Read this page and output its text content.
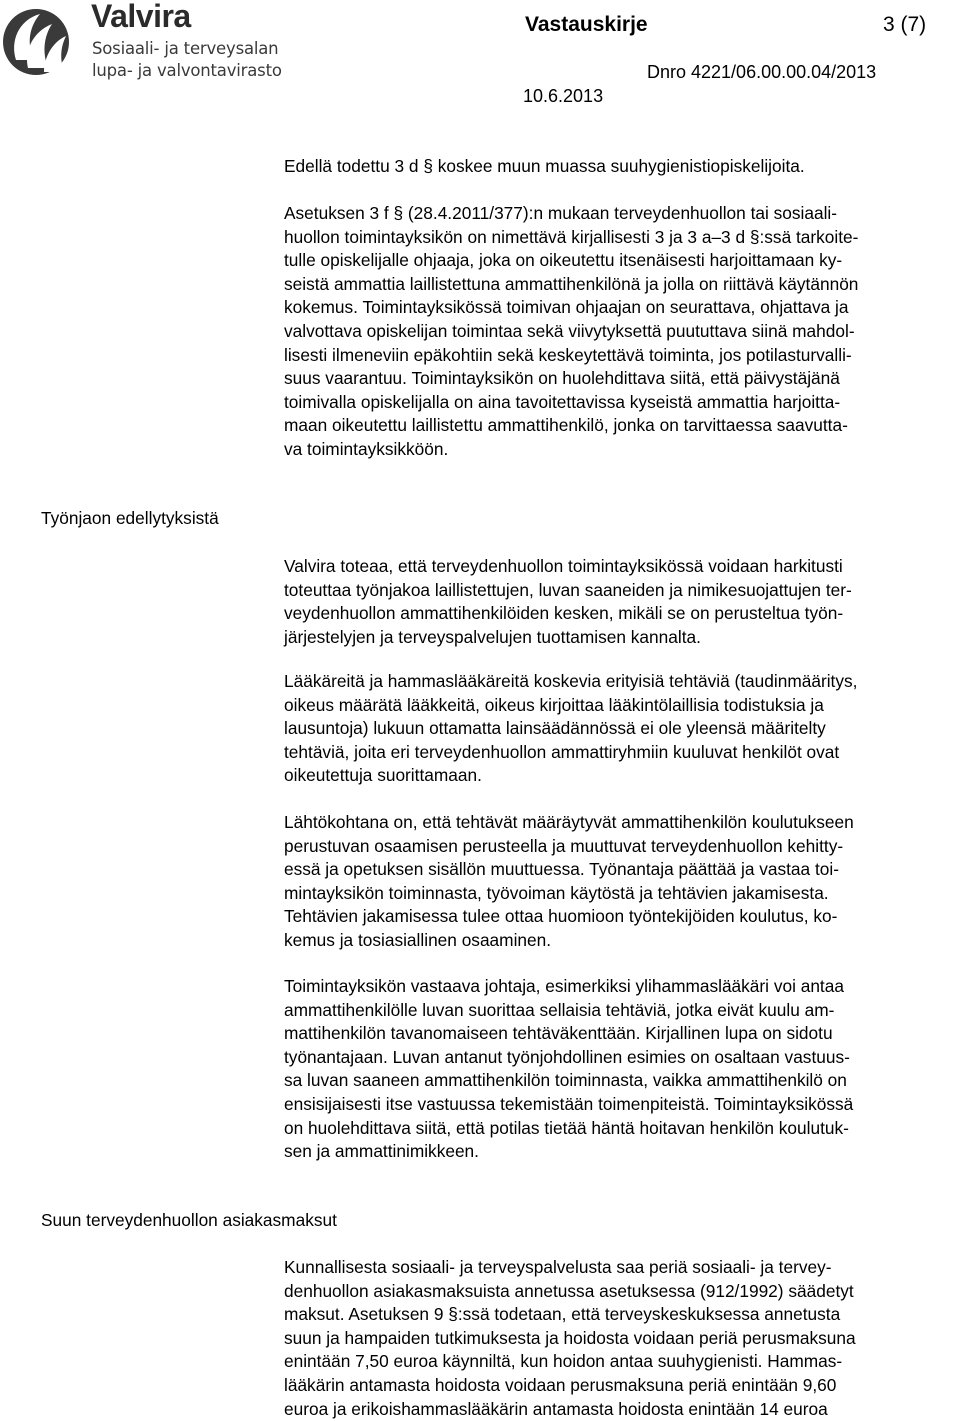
Valvira
Sosiaali- ja terveysalan
lupa- ja valvontavirasto
Vastauskirje	3 (7)
Dnro 4221/06.00.00.04/2013
10.6.2013
Edellä todettu 3 d § koskee muun muassa suuhygienistiopiskelijoita.
Asetuksen 3 f § (28.4.2011/377):n mukaan terveydenhuollon tai sosiaali-
huollon toimintayksikön on nimettävä kirjallisesti 3 ja 3 a–3 d §:ssä tarkoite-
tulle opiskelijalle ohjaaja, joka on oikeutettu itsenäisesti harjoittamaan ky-
seistä ammattia laillistettuna ammattihenkilönä ja jolla on riittävä käytännön
kokemus. Toimintayksikössä toimivan ohjaajan on seurattava, ohjattava ja
valvottava opiskelijan toimintaa sekä viivytyksettä puututtava siinä mahdol-
lisesti ilmeneviin epäkohtiin sekä keskeytettävä toiminta, jos potilasturvalli-
suus vaarantuu. Toimintayksikön on huolehdittava siitä, että päivystäjänä
toimivalla opiskelijalla on aina tavoitettavissa kyseistä ammattia harjoitta-
maan oikeutettu laillistettu ammattihenkilö, jonka on tarvittaessa saavutta-
va toimintayksikköön.
Työnjaon edellytyksistä
Valvira toteaa, että terveydenhuollon toimintayksikössä voidaan harkitusti
toteuttaa työnjakoa laillistettujen, luvan saaneiden ja nimikesuojattujen ter-
veydenhuollon ammattihenkilöiden kesken, mikäli se on perusteltua työn-
järjestelyjen ja terveyspalvelujen tuottamisen kannalta.
Lääkäreitä ja hammaslääkäreitä koskevia erityisiä tehtäviä (taudinmääritys,
oikeus määrätä lääkkeitä, oikeus kirjoittaa lääkintölaillisia todistuksia ja
lausuntoja) lukuun ottamatta lainsäädännössä ei ole yleensä määritelty
tehtäviä, joita eri terveydenhuollon ammattiryhmiin kuuluvat henkilöt ovat
oikeutettuja suorittamaan.
Lähtökohtana on, että tehtävät määräytyvät ammattihenkilön koulutukseen
perustuvan osaamisen perusteella ja muuttuvat terveydenhuollon kehitty-
essä ja opetuksen sisällön muuttuessa. Työnantaja päättää ja vastaa toi-
mintayksikön toiminnasta, työvoiman käytöstä ja tehtävien jakamisesta.
Tehtävien jakamisessa tulee ottaa huomioon työntekijöiden koulutus, ko-
kemus ja tosiasiallinen osaaminen.
Toimintayksikön vastaava johtaja, esimerkiksi ylihammaslääkäri voi antaa
ammattihenkilölle luvan suorittaa sellaisia tehtäviä, jotka eivät kuulu am-
mattihenkilön tavanomaiseen tehtäväkenttään. Kirjallinen lupa on sidotu
työnantajaan. Luvan antanut työnjohdollinen esimies on osaltaan vastuus-
sa luvan saaneen ammattihenkilön toiminnasta, vaikka ammattihenkilö on
ensisijaisesti itse vastuussa tekemistään toimenpiteistä. Toimintayksikössä
on huolehdittava siitä, että potilas tietää häntä hoitavan henkilön koulutuk-
sen ja ammattinimikkeen.
Suun terveydenhuollon asiakasmaksut
Kunnallisesta sosiaali- ja terveyspalvelusta saa periä sosiaali- ja tervey-
denhuollon asiakasmaksuista annetussa asetuksessa (912/1992) säädetyt
maksut. Asetuksen 9 §:ssä todetaan, että terveyskeskuksessa annetusta
suun ja hampaiden tutkimuksesta ja hoidosta voidaan periä perusmaksuna
enintään 7,50 euroa käynniltä, kun hoidon antaa suuhygienisti. Hammas-
lääkärin antamasta hoidosta voidaan perusmaksuna periä enintään 9,60
euroa ja erikoishammaslääkärin antamasta hoidosta enintään 14 euroa
